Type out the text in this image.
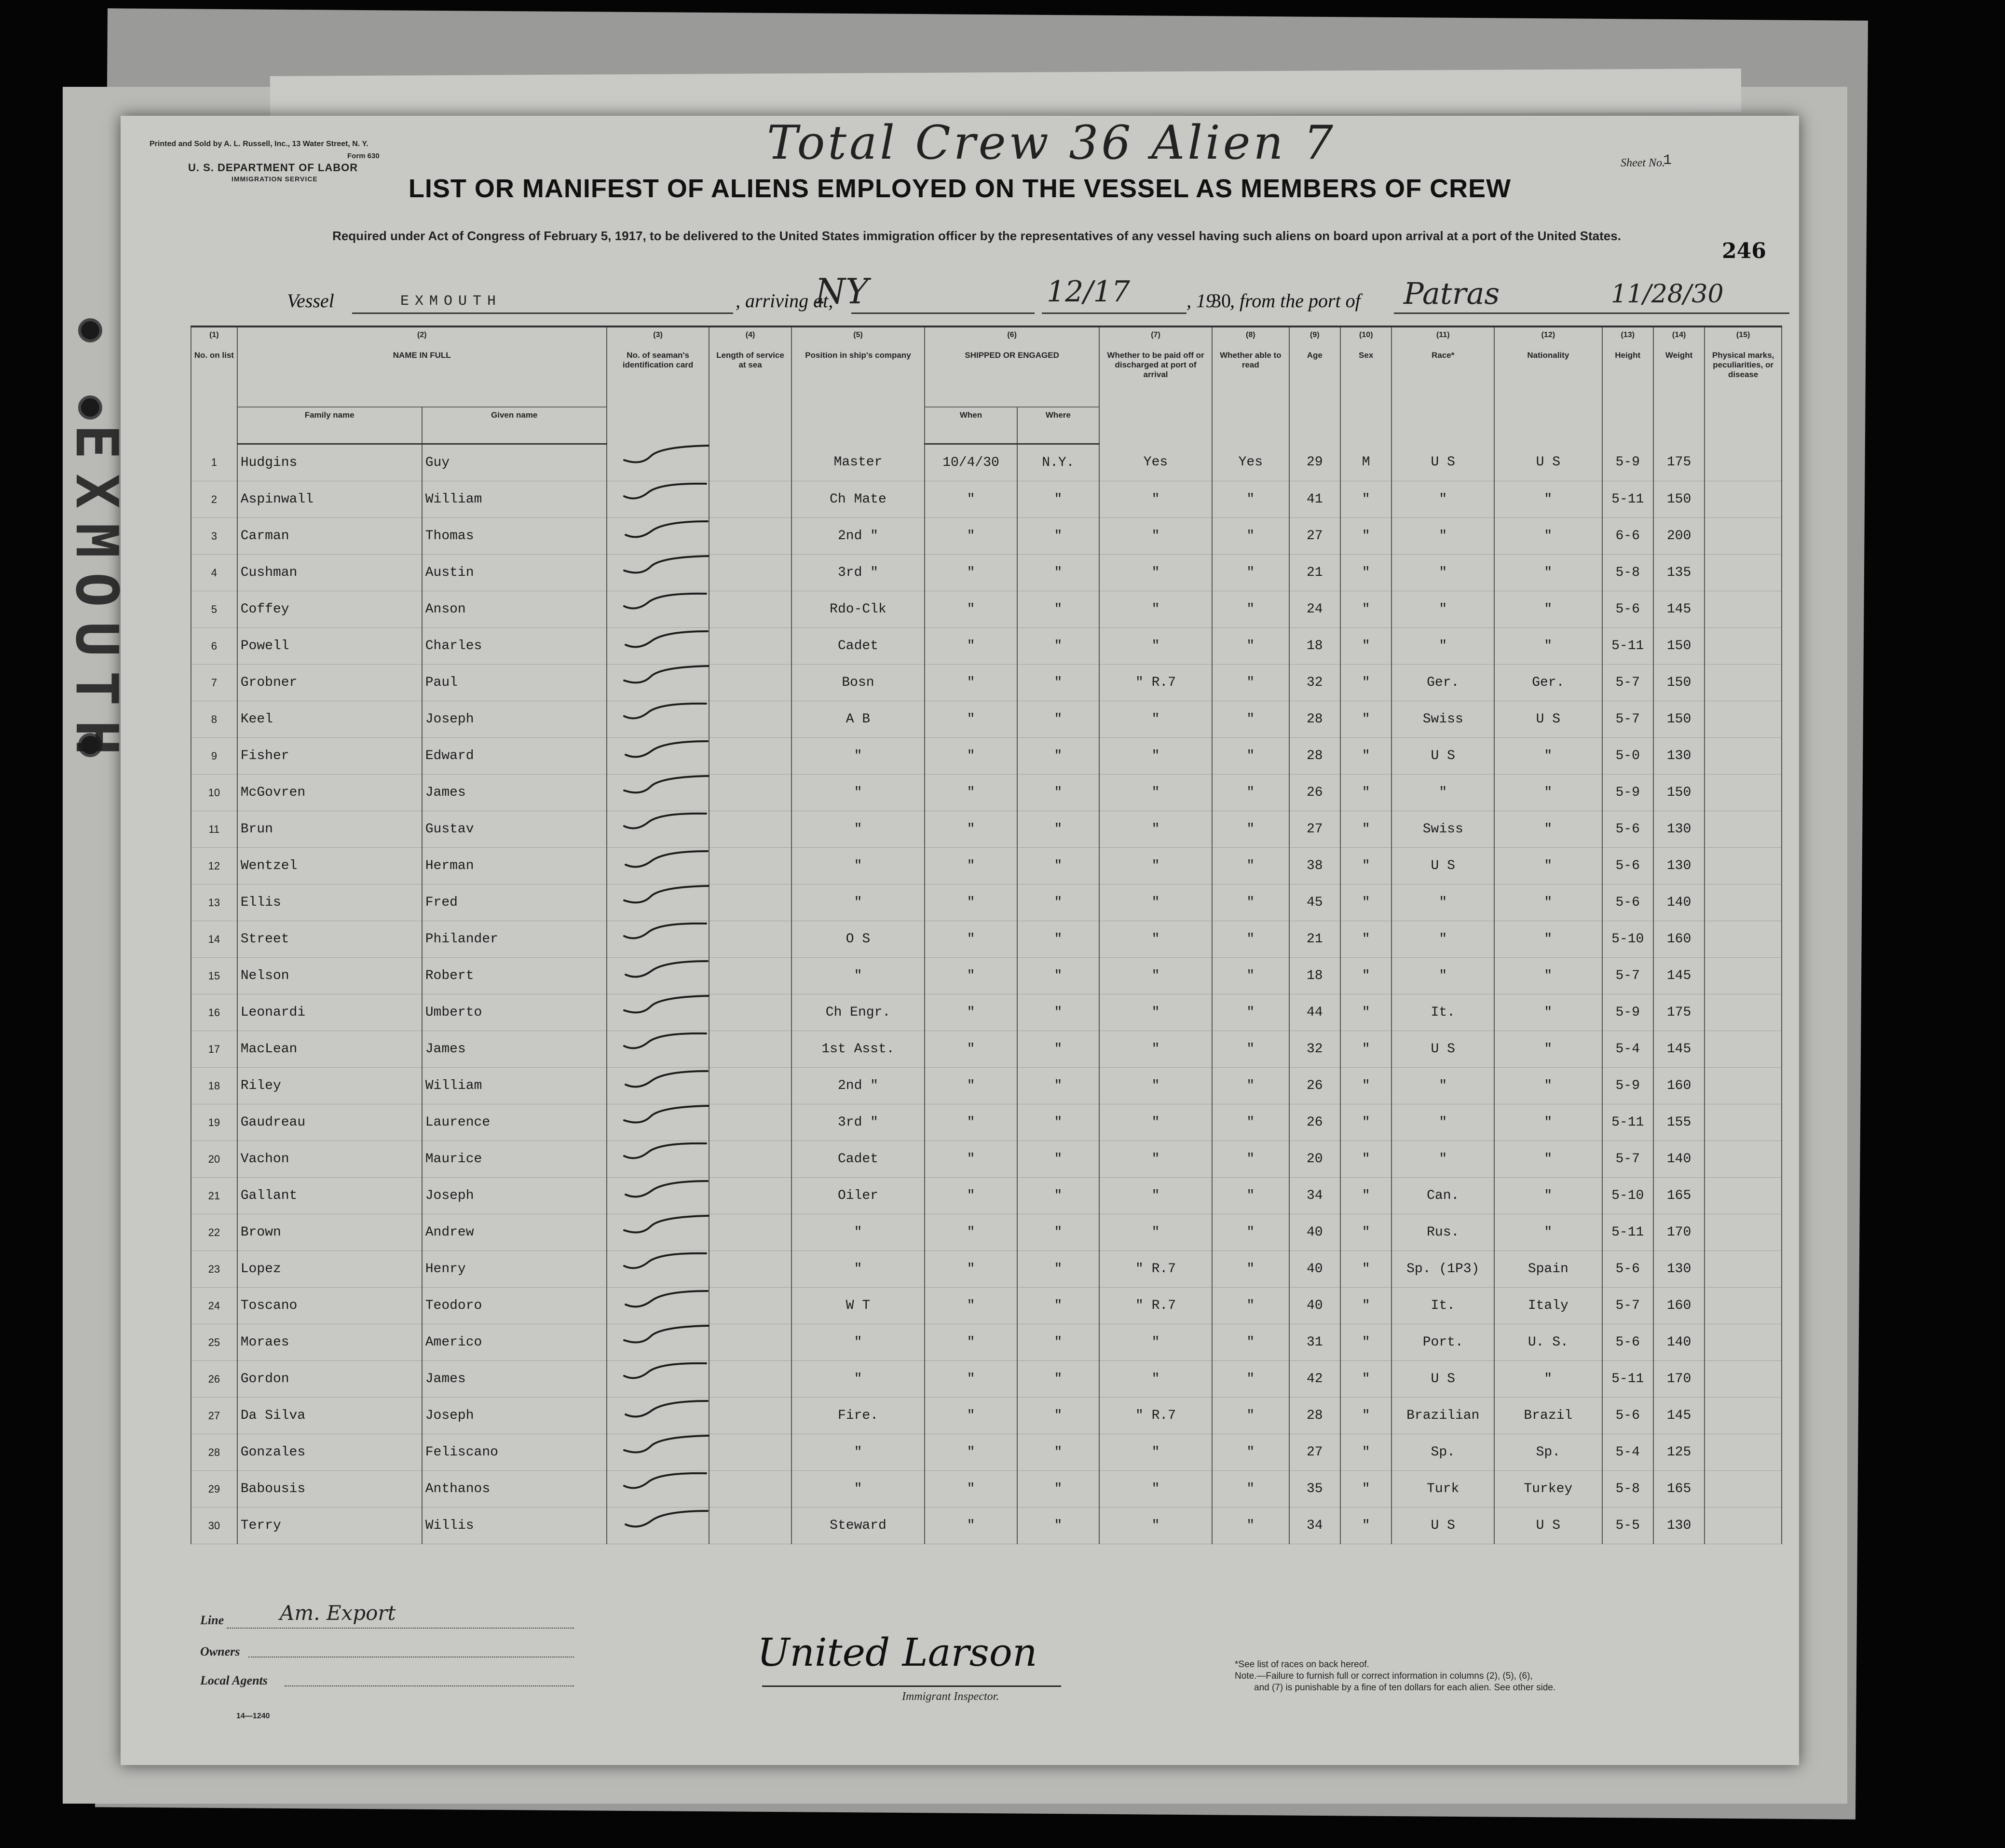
Printed and Sold by A. L. Russell, Inc., 13 Water Street, N. Y.
Form 630
U. S. DEPARTMENT OF LABOR
IMMIGRATION SERVICE
Total Crew 36 Alien 7	Sheet No.
1
LIST OR MANIFEST OF ALIENS EMPLOYED ON THE VESSEL AS MEMBERS OF CREW
Required under Act of Congress of February 5, 1917, to be delivered to the United States immigration officer by the representatives of any vessel having such aliens on board upon arrival at a port of the United States.
246
Vessel	EXMOUTH	, arriving at,
NY	12/17	, 19
30
, from the port of Patras	11/28/30
(1)	(2)		(3)	(4)	(5)	(6)		(7)	(8)	(9)	(10)	(11)	(12)	(13)	(14)	(15)
No. on list	NAME IN FULL		No. of seaman's identification card	Length of service at sea	Position in ship's company	SHIPPED OR ENGAGED		Whether to be paid off or discharged at port of arrival	Whether able to read	Age	Sex	Race*	Nationality	Height	Weight	Physical marks, peculiarities, or disease
	Family name	Given name				When	Where									
1	Hudgins	Guy			Master	10/4/30	N.Y.	Yes	Yes	29	M	U S	U S	5-9	175	
2	Aspinwall	William			Ch Mate	"	"	"	"	41	"	"	"	5-11	150	
3	Carman	Thomas			2nd "	"	"	"	"	27	"	"	"	6-6	200	
4	Cushman	Austin			3rd "	"	"	"	"	21	"	"	"	5-8	135	
5	Coffey	Anson			Rdo-Clk	"	"	"	"	24	"	"	"	5-6	145	
6	Powell	Charles			Cadet	"	"	"	"	18	"	"	"	5-11	150	
7	Grobner	Paul			Bosn	"	"	" R.7	"	32	"	Ger.	Ger.	5-7	150	
8	Keel	Joseph			A B	"	"	"	"	28	"	Swiss	U S	5-7	150	
9	Fisher	Edward			"	"	"	"	"	28	"	U S	"	5-0	130	
10	McGovren	James			"	"	"	"	"	26	"	"	"	5-9	150	
11	Brun	Gustav			"	"	"	"	"	27	"	Swiss	"	5-6	130	
12	Wentzel	Herman			"	"	"	"	"	38	"	U S	"	5-6	130	
13	Ellis	Fred			"	"	"	"	"	45	"	"	"	5-6	140	
14	Street	Philander			O S	"	"	"	"	21	"	"	"	5-10	160	
15	Nelson	Robert			"	"	"	"	"	18	"	"	"	5-7	145	
16	Leonardi	Umberto			Ch Engr.	"	"	"	"	44	"	It.	"	5-9	175	
17	MacLean	James			1st Asst.	"	"	"	"	32	"	U S	"	5-4	145	
18	Riley	William			2nd "	"	"	"	"	26	"	"	"	5-9	160	
19	Gaudreau	Laurence			3rd "	"	"	"	"	26	"	"	"	5-11	155	
20	Vachon	Maurice			Cadet	"	"	"	"	20	"	"	"	5-7	140	
21	Gallant	Joseph			Oiler	"	"	"	"	34	"	Can.	"	5-10	165	
22	Brown	Andrew			"	"	"	"	"	40	"	Rus.	"	5-11	170	
23	Lopez	Henry			"	"	"	" R.7	"	40	"	Sp. (1P3)	Spain	5-6	130	
24	Toscano	Teodoro			W T	"	"	" R.7	"	40	"	It.	Italy	5-7	160	
25	Moraes	Americo			"	"	"	"	"	31	"	Port.	U. S.	5-6	140	
26	Gordon	James			"	"	"	"	"	42	"	U S	"	5-11	170	
27	Da Silva	Joseph			Fire.	"	"	" R.7	"	28	"	Brazilian	Brazil	5-6	145	
28	Gonzales	Feliscano			"	"	"	"	"	27	"	Sp.	Sp.	5-4	125	
29	Babousis	Anthanos			"	"	"	"	"	35	"	Turk	Turkey	5-8	165	
30	Terry	Willis			Steward	"	"	"	"	34	"	U S	U S	5-5	130	
EXMOUTH
Line	Am. Export
Owners
Local Agents
14—1240
United Larson
Immigrant Inspector.
*See list of races on back hereof.
Note.—Failure to furnish full or correct information in columns (2), (5), (6),
and (7) is punishable by a fine of ten dollars for each alien. See other side.
